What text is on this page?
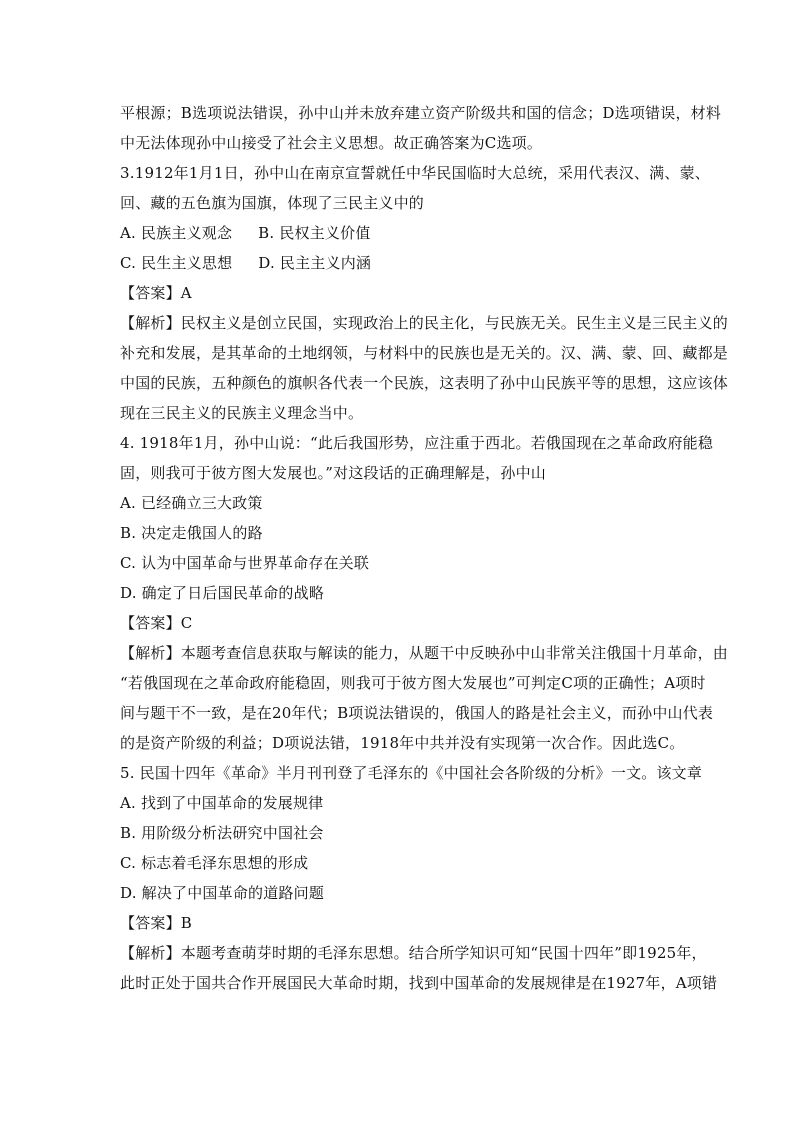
平根源；B选项说法错误，孙中山并未放弃建立资产阶级共和国的信念；D选项错误，材料
中无法体现孙中山接受了社会主义思想。故正确答案为C选项。
3.1912年1月1日，孙中山在南京宣誓就任中华民国临时大总统，采用代表汉、满、蒙、
回、藏的五色旗为国旗，体现了三民主义中的
A. 民族主义观念 B. 民权主义价值
C. 民生主义思想 D. 民主主义内涵
【答案】A
【解析】民权主义是创立民国，实现政治上的民主化，与民族无关。民生主义是三民主义的
补充和发展，是其革命的土地纲领，与材料中的民族也是无关的。汉、满、蒙、回、藏都是
中国的民族，五种颜色的旗帜各代表一个民族，这表明了孙中山民族平等的思想，这应该体
现在三民主义的民族主义理念当中。
4. 1918年1月，孙中山说：“此后我国形势，应注重于西北。若俄国现在之革命政府能稳
固，则我可于彼方图大发展也。”对这段话的正确理解是，孙中山
A. 已经确立三大政策
B. 决定走俄国人的路
C. 认为中国革命与世界革命存在关联
D. 确定了日后国民革命的战略
【答案】C
【解析】本题考查信息获取与解读的能力，从题干中反映孙中山非常关注俄国十月革命，由
“若俄国现在之革命政府能稳固，则我可于彼方图大发展也”可判定C项的正确性；A项时
间与题干不一致，是在20年代；B项说法错误的，俄国人的路是社会主义，而孙中山代表
的是资产阶级的利益；D项说法错，1918年中共并没有实现第一次合作。因此选C。
5. 民国十四年《革命》半月刊刊登了毛泽东的《中国社会各阶级的分析》一文。该文章
A. 找到了中国革命的发展规律
B. 用阶级分析法研究中国社会
C. 标志着毛泽东思想的形成
D. 解决了中国革命的道路问题
【答案】B
【解析】本题考查萌芽时期的毛泽东思想。结合所学知识可知“民国十四年”即1925年，
此时正处于国共合作开展国民大革命时期，找到中国革命的发展规律是在1927年，A项错
